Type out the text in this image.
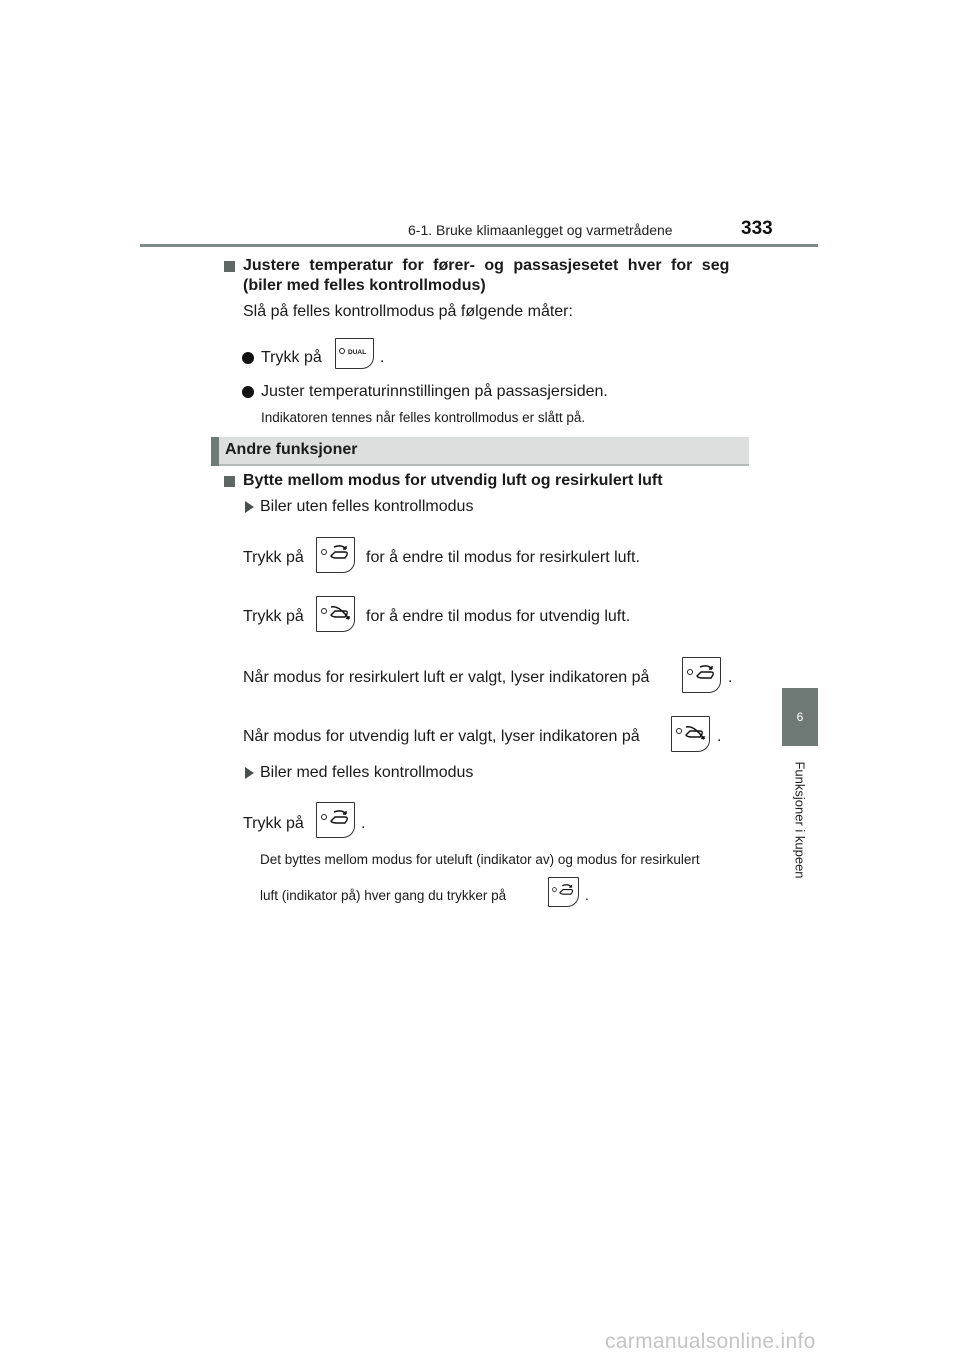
6-1. Bruke klimaanlegget og varmetrådene	333
6
Funksjoner i kupeen
Justere temperatur for fører- og passasjesetet hver for seg
(biler med felles kontrollmodus)
Slå på felles kontrollmodus på følgende måter:
Trykk på	DUAL .
Juster temperaturinnstillingen på passasjersiden.
Indikatoren tennes når felles kontrollmodus er slått på.
Andre funksjoner
Bytte mellom modus for utvendig luft og resirkulert luft
Biler uten felles kontrollmodus
Trykk på	for å endre til modus for resirkulert luft.
Trykk på	for å endre til modus for utvendig luft.
Når modus for resirkulert luft er valgt, lyser indikatoren på	.
Når modus for utvendig luft er valgt, lyser indikatoren på	.
Biler med felles kontrollmodus
Trykk på	.
Det byttes mellom modus for uteluft (indikator av) og modus for resirkulert
luft (indikator på) hver gang du trykker på	.
carmanualsonline.info
